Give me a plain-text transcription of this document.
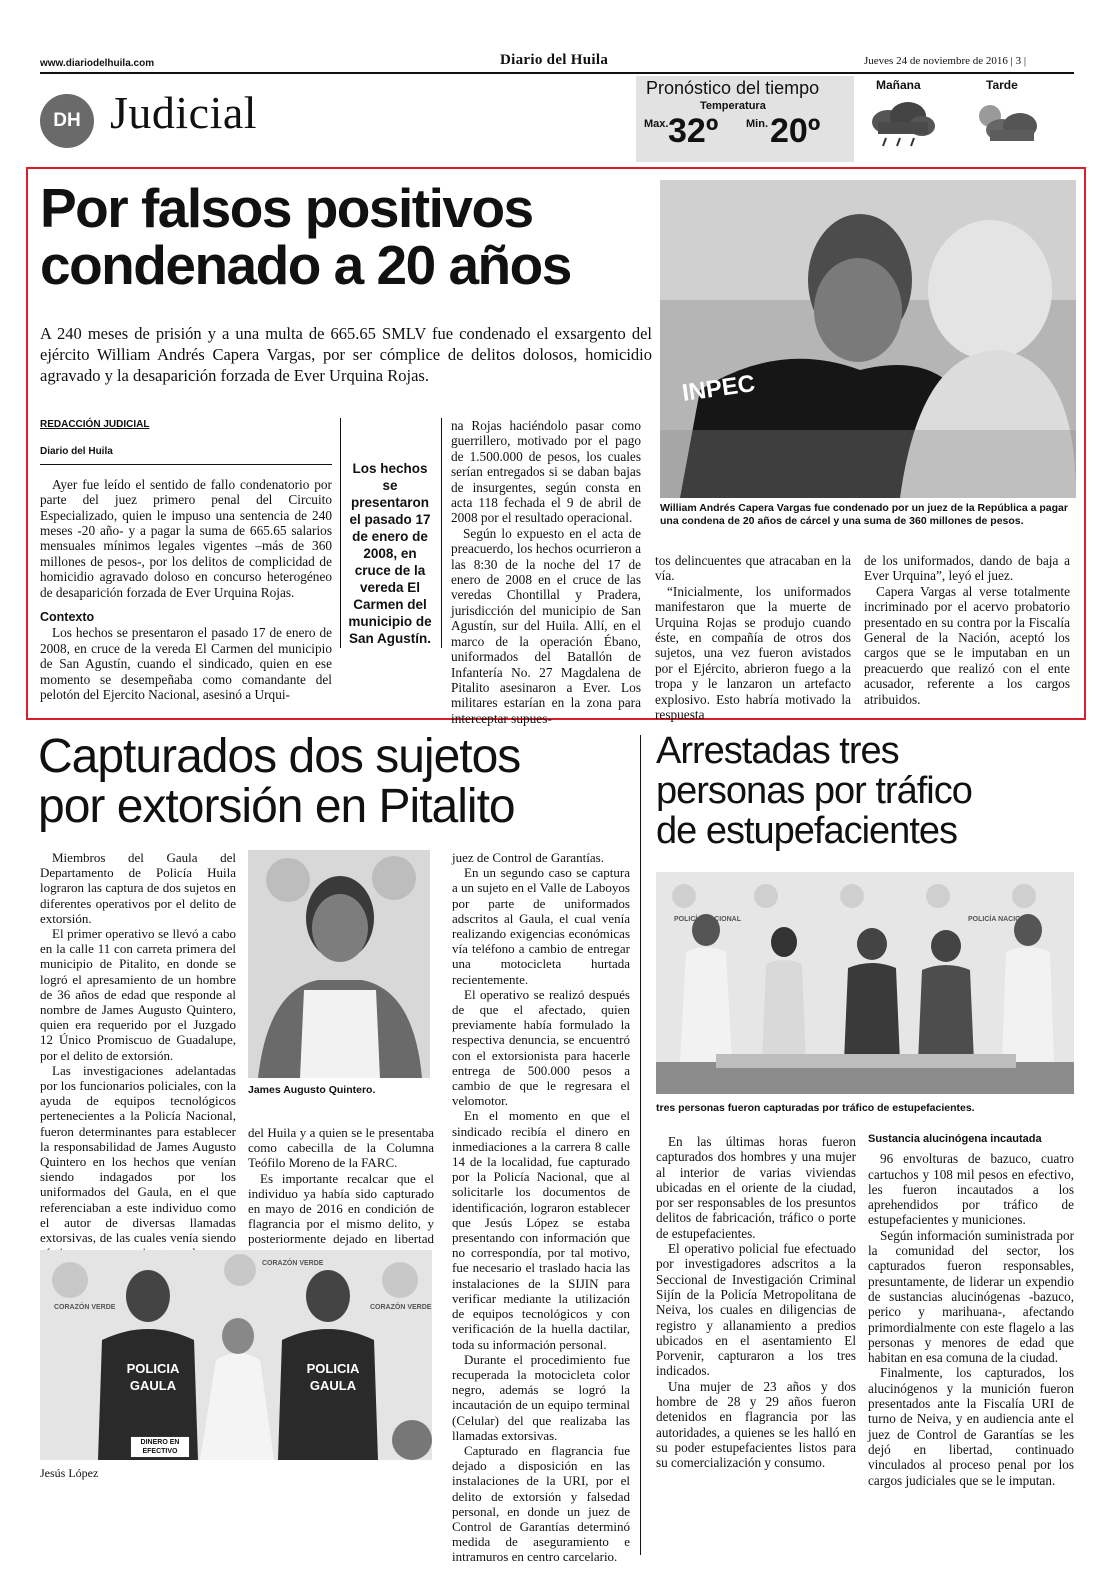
www.diariodelhuila.com	Diario del Huila	Jueves 24 de noviembre de 2016 | 3 |
DH Judicial	Pronóstico del tiempo
Temperatura
Max. 32º	Min. 20º
Mañana	Tarde
Por falsos positivos
condenado a 20 años
A 240 meses de prisión y a una multa de 665.65 SMLV fue condenado el exsargento del ejército William Andrés Capera Vargas, por ser cómplice de delitos dolosos, homicidio agravado y la desaparición forzada de Ever Urquina Rojas.	INPEC
William Andrés Capera Vargas fue condenado por un juez de la República a pagar una condena de 20 años de cárcel y una suma de 360 millones de pesos.
REDACCIÓN JUDICIAL
Diario del Huila

Ayer fue leído el sentido de fallo condenatorio por parte del juez primero penal del Circuito Especializado, quien le impuso una sentencia de 240 meses -20 año- y a pagar la suma de 665.65 salarios mensuales mínimos legales vigentes –más de 360 millones de pesos-, por los delitos de complicidad de homicidio agravado doloso en concurso heterogéneo de desaparición forzada de Ever Urquina Rojas.

Contexto

Los hechos se presentaron el pasado 17 de enero de 2008, en cruce de la vereda El Carmen del municipio de San Agustín, cuando el sindicado, quien en ese momento se desempeñaba como comandante del pelotón del Ejercito Nacional, asesinó a Urqui-

Los hechos se presentaron el pasado 17 de enero de 2008, en cruce de la vereda El Carmen del municipio de San Agustín.

na Rojas haciéndolo pasar como guerrillero, motivado por el pago de 1.500.000 de pesos, los cuales serían entregados si se daban bajas de insurgentes, según consta en acta 118 fechada el 9 de abril de 2008 por el resultado operacional.

Según lo expuesto en el acta de preacuerdo, los hechos ocurrieron a las 8:30 de la noche del 17 de enero de 2008 en el cruce de las veredas Chontillal y Pradera, jurisdicción del municipio de San Agustín, sur del Huila. Allí, en el marco de la operación Ébano, uniformados del Batallón de Infantería No. 27 Magdalena de Pitalito asesinaron a Ever. Los militares estarían en la zona para interceptar supues-

tos delincuentes que atracaban en la vía.

“Inicialmente, los uniformados manifestaron que la muerte de Urquina Rojas se produjo cuando éste, en compañía de otros dos sujetos, una vez fueron avistados por el Ejército, abrieron fuego a la tropa y le lanzaron un artefacto explosivo. Esto habría motivado la respuesta

de los uniformados, dando de baja a Ever Urquina”, leyó el juez.

Capera Vargas al verse totalmente incriminado por el acervo probatorio presentado en su contra por la Fiscalía General de la Nación, aceptó los cargos que se le imputaban en un preacuerdo que realizó con el ente acusador, referente a los cargos atribuidos.

Capturados dos sujetos
por extorsión en Pitalito

Miembros del Gaula del Departamento de Policía Huila lograron las captura de dos sujetos en diferentes operativos por el delito de extorsión.

El primer operativo se llevó a cabo en la calle 11 con carreta primera del municipio de Pitalito, en donde se logró el apresamiento de un hombre de 36 años de edad que responde al nombre de James Augusto Quintero, quien era requerido por el Juzgado 12 Único Promiscuo de Guadalupe, por el delito de extorsión.

Las investigaciones adelantadas por los funcionarios policiales, con la ayuda de equipos tecnológicos pertenecientes a la Policía Nacional, fueron determinantes para establecer la responsabilidad de James Augusto Quintero en los hechos que venían siendo indagados por los uniformados del Gaula, en el que referenciaban a este individuo como el autor de diversas llamadas extorsivas, de las cuales venía siendo

James Augusto Quintero.

del Huila y a quien se le presentaba como cabecilla de la Columna Teófilo Moreno de la FARC.

Es importante recalcar que el individuo ya había sido capturado en mayo de 2016 en condición de flagrancia por el mismo delito, y posteriormente dejado en libertad

POLICIA
GAULA
POLICIA
GAULA
CORAZÓN VERDE
CORAZÓN VERDE
CORAZÓN VERDE
DINERO EN EFECTIVO
Jesús López

juez de Control de Garantías.

En un segundo caso se captura a un sujeto en el Valle de Laboyos por parte de uniformados adscritos al Gaula, el cual venía realizando exigencias económicas vía teléfono a cambio de entregar una motocicleta hurtada recientemente.

El operativo se realizó después de que el afectado, quien previamente había formulado la respectiva denuncia, se encuentró con el extorsionista para hacerle entrega de 500.000 pesos a cambio de que le regresara el velomotor.

En el momento en que el sindicado recibía el dinero en inmediaciones a la carrera 8 calle 14 de la localidad, fue capturado por la Policía Nacional, que al solicitarle los documentos de identificación, lograron establecer que Jesús López se estaba presentando con información que no correspondía, por tal motivo, fue necesario el traslado hacia las instalaciones de la SIJIN para verificar mediante la utilización de equipos tecnológicos y con verificación de la huella dactilar, toda su información personal.

Durante el procedimiento fue recuperada la motocicleta color negro, además se logró la incautación de un equipo terminal (Celular) del que realizaba las llamadas extorsivas.

Capturado en flagrancia fue dejado a disposición en las instalaciones de la URI, por el delito de extorsión y falsedad personal, en donde un juez de Control de Garantías determinó medida de aseguramiento e intramuros en centro carcelario.

Arrestadas tres
personas por tráfico
de estupefacientes
POLICÍA NACIONAL	POLICÍA NACIONAL
tres personas fueron capturadas por tráfico de estupefacientes.

En las últimas horas fueron capturados dos hombres y una mujer al interior de varias viviendas ubicadas en el oriente de la ciudad, por ser responsables de los presuntos delitos de fabricación, tráfico o porte de estupefacientes.

El operativo policial fue efectuado por investigadores adscritos a la Seccional de Investigación Criminal Sijín de la Policía Metropolitana de Neiva, los cuales en diligencias de registro y allanamiento a predios ubicados en el asentamiento El Porvenir, capturaron a los tres indicados.

Una mujer de 23 años y dos hombre de 28 y 29 años fueron detenidos en flagrancia por las autoridades, a quienes se les halló en su poder estupefacientes listos para su comercialización y consumo.

Sustancia alucinógena incautada

96 envolturas de bazuco, cuatro cartuchos y 108 mil pesos en efectivo, les fueron incautados a los aprehendidos por tráfico de estupefacientes y municiones.

Según información suministrada por la comunidad del sector, los capturados fueron responsables, presuntamente, de liderar un expendio de sustancias alucinógenas -bazuco, perico y marihuana-, afectando primordialmente con este flagelo a las personas y menores de edad que habitan en esa comuna de la ciudad.

Finalmente, los capturados, los alucinógenos y la munición fueron presentados ante la Fiscalía URI de turno de Neiva, y en audiencia ante el juez de Control de Garantías se les dejó en libertad, continuado vinculados al proceso penal por los cargos judiciales que se le imputan.
